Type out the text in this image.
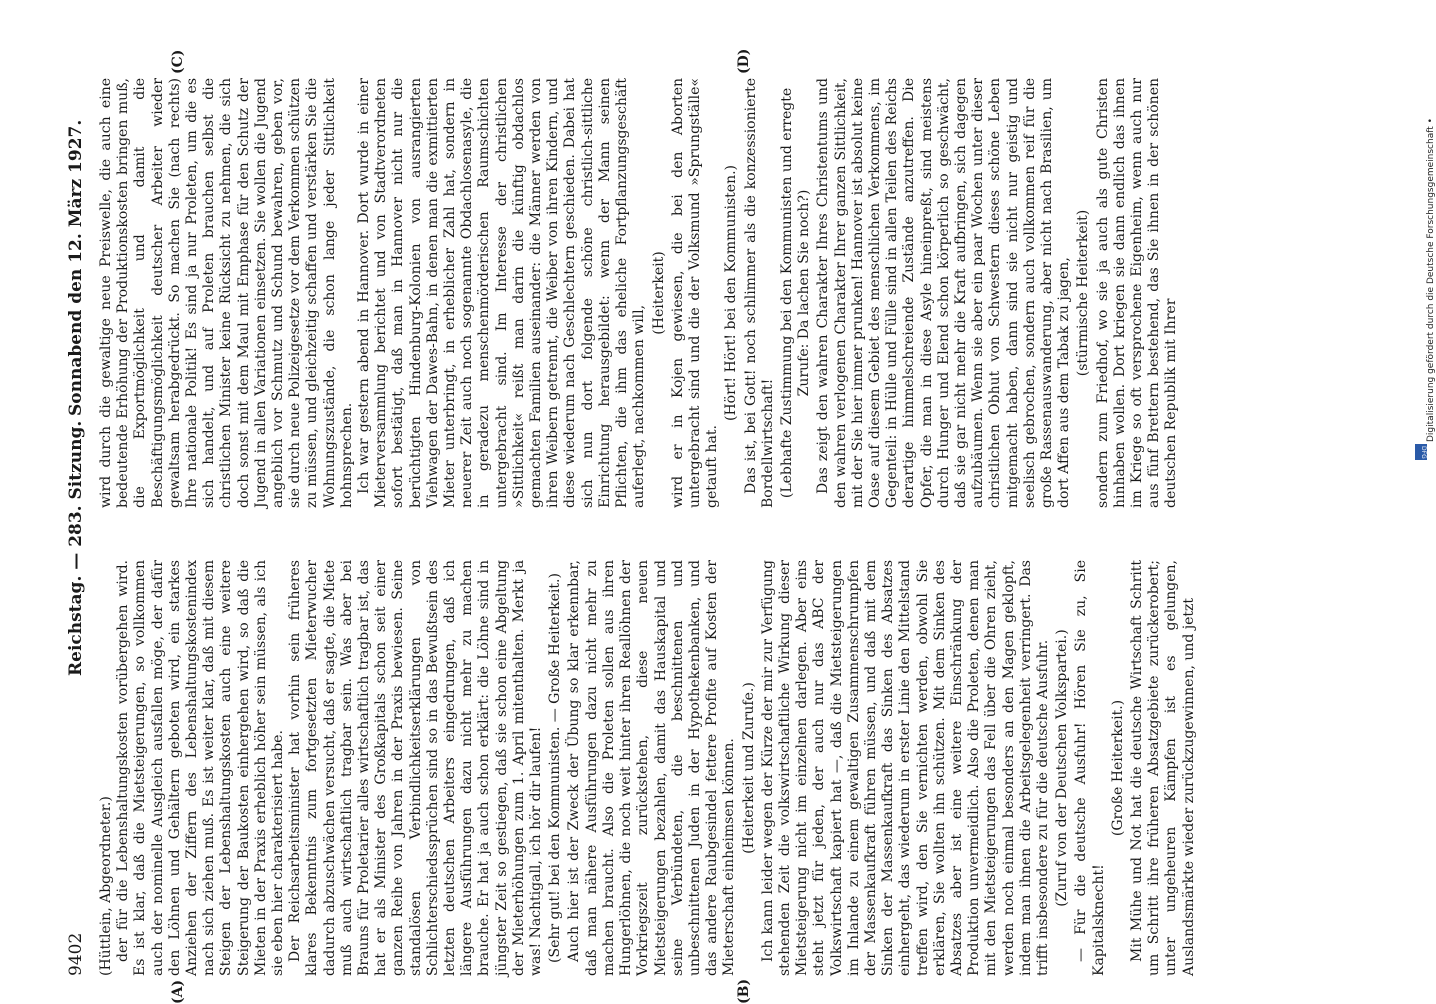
9402
Reichstag. — 283. Sitzung.
Sonnabend den 12. März 1927.
(A)	(B)
(C)	(D)

(Hüttlein, Abgeordneter.) der für die Lebenshaltungskosten vorübergehen wird. Es ist klar, daß die Mietsteigerungen, so vollkommen auch der nominelle Ausgleich ausfallen möge, der dafür den Löhnen und Gehältern geboten wird, ein starkes Anziehen der Ziffern des Lebenshaltungskostenindex nach sich ziehen muß. Es ist weiter klar, daß mit diesem Steigen der Lebenshaltungskosten auch eine weitere Steigerung der Baukosten einhergehen wird, so daß die Mieten in der Praxis erheblich höher sein müssen, als ich sie eben hier charakterisiert habe. Der Reichsarbeitsminister hat vorhin sein früheres klares Bekenntnis zum fortgesetzten Mieterwucher dadurch abzuschwächen versucht, daß er sagte, die Miete muß auch wirtschaftlich tragbar sein. Was aber bei Brauns für Proletarier alles wirtschaftlich tragbar ist, das hat er als Minister des Großkapitals schon seit einer ganzen Reihe von Jahren in der Praxis bewiesen. Seine standalösen Verbindlichkeitserklärungen von Schlichterschiedssprüchen sind so in das Bewußtsein des letzten deutschen Arbeiters eingedrungen, daß ich längere Ausführungen dazu nicht mehr zu machen brauche. Er hat ja auch schon erklärt: die Löhne sind in jüngster Zeit so gestiegen, daß sie schon eine Abgeltung der Mieterhöhungen zum 1. April mitenthalten. Merkt ja was! Nachtigall, ich hör dir laufen! (Sehr gut! bei den Kommunisten. — Große Heiterkeit.) Auch hier ist der Zweck der Übung so klar erkennbar, daß man nähere Ausführungen dazu nicht mehr zu machen braucht. Also die Proleten sollen aus ihren Hungerlöhnen, die noch weit hinter ihren Reallöhnen der Vorkriegszeit zurückstehen, diese neuen Mietsteigerungen bezahlen, damit das Hauskapital und seine Verbündeten, die beschnittenen und unbeschnittenen Juden in der Hypothekenbanken, und das andere Raubgesindel fettere Profite auf Kosten der Mieterschaft einheimsen können. (Heiterkeit und Zurufe.) Ich kann leider wegen der Kürze der mir zur Verfügung stehenden Zeit die volkswirtschaftliche Wirkung dieser Mietsteigerung nicht im einzelnen darlegen. Aber eins steht jetzt für jeden, der auch nur das ABC der Volkswirtschaft kapiert hat —, daß die Mietsteigerungen im Inlande zu einem gewaltigen Zusammenschrumpfen der Massenkaufkraft führen müssen, und daß mit dem Sinken der Massenkaufkraft das Sinken des Absatzes einhergeht, das wiederum in erster Linie den Mittelstand treffen wird, den Sie vernichten werden, obwohl Sie erklären, Sie wollten ihn schützen. Mit dem Sinken des Absatzes aber ist eine weitere Einschränkung der Produktion unvermeidlich. Also die Proleten, denen man mit den Mietsteigerungen das Fell über die Ohren zieht, werden noch einmal besonders an den Magen geklopft, indem man ihnen die Arbeitsgelegenheit verringert. Das trifft insbesondere zu für die deutsche Ausfuhr. (Zuruf von der Deutschen Volkspartei.) — Für die deutsche Ausfuhr! Hören Sie zu, Sie Kapitalsknecht!

(Große Heiterkeit.) Mit Mühe und Not hat die deutsche Wirtschaft Schritt um Schritt ihre früheren Absatzgebiete zurückerobert; unter ungeheuren Kämpfen ist es gelungen, Auslandsmärkte wieder zurückzugewinnen, und jetzt

wird durch die gewaltige neue Preiswelle, die auch eine bedeutende Erhöhung der Produktionskosten bringen muß, die Exportmöglichkeit und damit die Beschäftigungsmöglichkeit deutscher Arbeiter wieder gewaltsam herabgedrückt. So machen Sie (nach rechts) Ihre nationale Politik! Es sind ja nur Proleten, um die es sich handelt, und auf Proleten brauchen selbst die christlichen Minister keine Rücksicht zu nehmen, die sich doch sonst mit dem Maul mit Emphase für den Schutz der Jugend in allen Variationen einsetzen. Sie wollen die Jugend angeblich vor Schmutz und Schund bewahren, geben vor, sie durch neue Polizeigesetze vor dem Verkommen schützen zu müssen, und gleichzeitig schaffen und verstärken Sie die Wohnungszustände, die schon lange jeder Sittlichkeit hohnsprechen. Ich war gestern abend in Hannover. Dort wurde in einer Mieterversammlung berichtet und von Stadtverordneten sofort bestätigt, daß man in Hannover nicht nur die berüchtigten Hindenburg-Kolonien von ausrangierten Viehwagen der Dawes-Bahn, in denen man die exmittierten Mieter unterbringt, in erheblicher Zahl hat, sondern in neuerer Zeit auch noch sogenannte Obdachlosenasyle, die in geradezu menschenmörderischen Raumschichten untergebracht sind. Im Interesse der christlichen »Sittlichkeit« reißt man darin die künftig obdachlos gemachten Familien auseinander: die Männer werden von ihren Weibern getrennt, die Weiber von ihren Kindern, und diese wiederum nach Geschlechtern geschieden. Dabei hat sich nun dort folgende schöne christlich-sittliche Einrichtung herausgebildet: wenn der Mann seinen Pflichten, die ihm das eheliche Fortpflanzungsgeschäft auferlegt, nachkommen will,

(Heiterkeit) wird er in Kojen gewiesen, die bei den Aborten untergebracht sind und die der Volksmund »Sprungställe« getauft hat.

(Hört! Hört! bei den Kommunisten.) Das ist, bei Gott! noch schlimmer als die konzessionierte Bordellwirtschaft! (Lebhafte Zustimmung bei den Kommunisten und erregte Zurufe: Da lachen Sie noch?) Das zeigt den wahren Charakter Ihres Christentums und den wahren verlogenen Charakter Ihrer ganzen Sittlichkeit, mit der Sie hier immer prunken! Hannover ist absolut keine Oase auf diesem Gebiet des menschlichen Verkommens, im Gegenteil: in Hülle und Fülle sind in allen Teilen des Reichs derartige himmelschreiende Zustände anzutreffen. Die Opfer, die man in diese Asyle hineinpreßt, sind meistens durch Hunger und Elend schon körperlich so geschwächt, daß sie gar nicht mehr die Kraft aufbringen, sich dagegen aufzubäumen. Wenn sie aber ein paar Wochen unter dieser christlichen Obhut von Schwestern dieses schöne Leben mitgemacht haben, dann sind sie nicht nur geistig und seelisch gebrochen, sondern auch vollkommen reif für die große Rassenauswanderung, aber nicht nach Brasilien, um dort Affen aus dem Tabak zu jagen, (stürmische Heiterkeit) sondern zum Friedhof, wo sie ja auch als gute Christen hinhaben wollen. Dort kriegen sie dann endlich das ihnen im Kriege so oft versprochene Eigenheim, wenn auch nur aus fünf Brettern bestehend, das Sie ihnen in der schönen deutschen Republik mit Ihrer	Digitalisierung gefördert durch die Deutsche Forschungsgemeinschaft •
DFG
